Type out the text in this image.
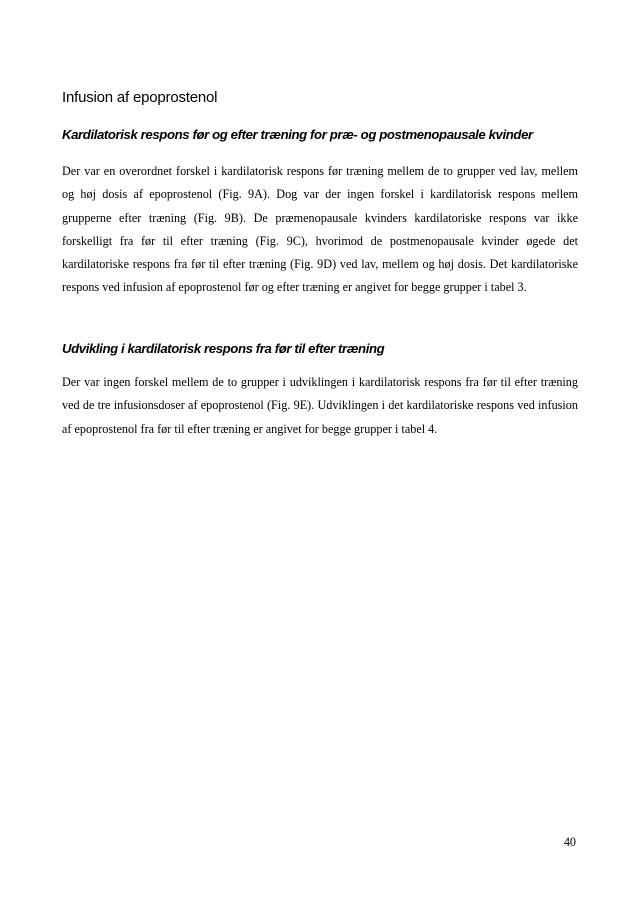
Infusion af epoprostenol
Kardilatorisk respons før og efter træning for præ- og postmenopausale kvinder

Der var en overordnet forskel i kardilatorisk respons før træning mellem de to grupper ved lav, mellem og høj dosis af epoprostenol (Fig. 9A). Dog var der ingen forskel i kardilatorisk respons mellem grupperne efter træning (Fig. 9B). De præmenopausale kvinders kardilatoriske respons var ikke forskelligt fra før til efter træning (Fig. 9C), hvorimod de postmenopausale kvinder øgede det kardilatoriske respons fra før til efter træning (Fig. 9D) ved lav, mellem og høj dosis. Det kardilatoriske respons ved infusion af epoprostenol før og efter træning er angivet for begge grupper i tabel 3.

Udvikling i kardilatorisk respons fra før til efter træning

Der var ingen forskel mellem de to grupper i udviklingen i kardilatorisk respons fra før til efter træning ved de tre infusionsdoser af epoprostenol (Fig. 9E). Udviklingen i det kardilatoriske respons ved infusion af epoprostenol fra før til efter træning er angivet for begge grupper i tabel 4.

40
